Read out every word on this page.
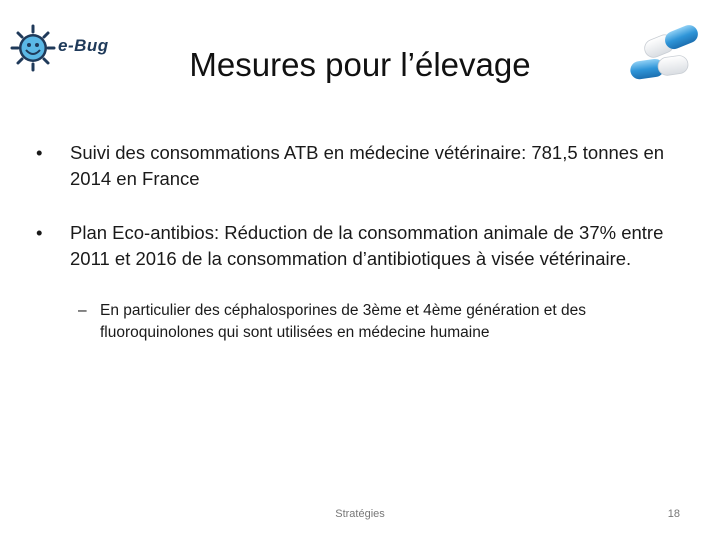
e-Bug
Mesures pour l’élevage
•	Suivi des consommations ATB en médecine vétérinaire: 781,5 tonnes en 2014 en France
•	Plan Eco-antibios: Réduction de la consommation animale de 37% entre 2011 et 2016 de la consommation d’antibiotiques à visée vétérinaire.
– En particulier des céphalosporines de 3ème et 4ème génération et des fluoroquinolones qui sont utilisées en médecine humaine
Stratégies	18
